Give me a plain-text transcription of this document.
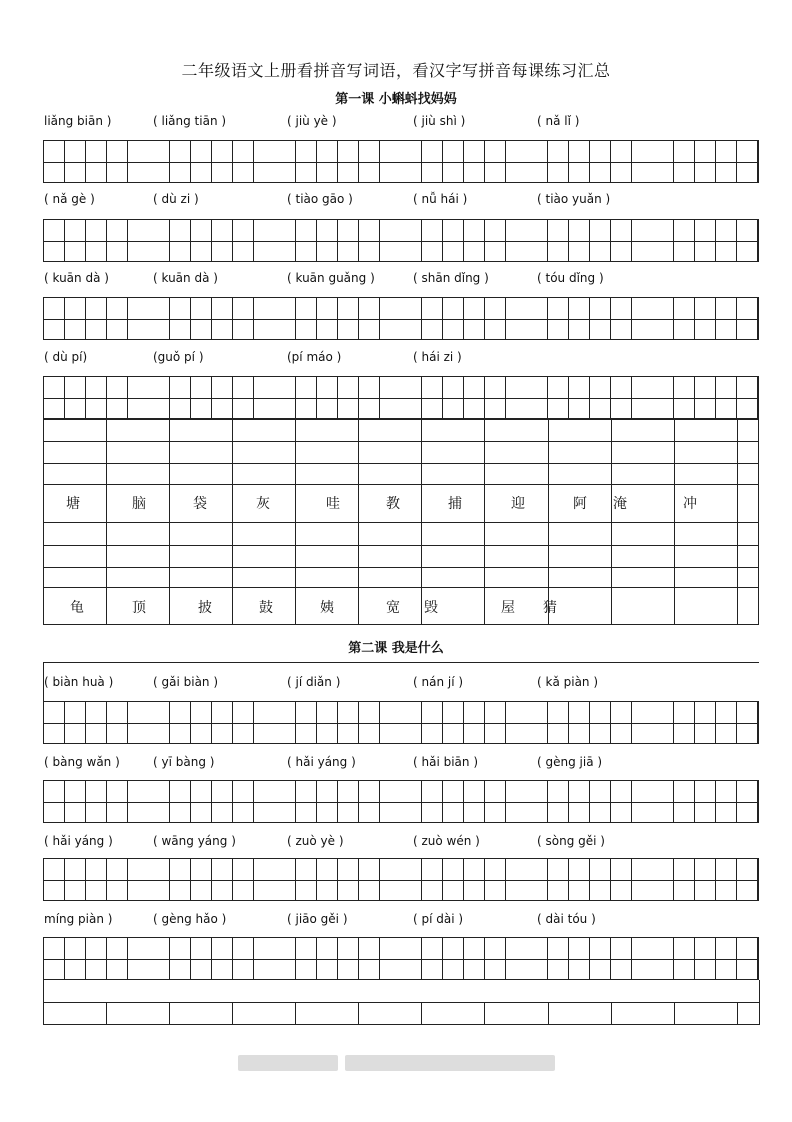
二年级语文上册看拼音写词语，看汉字写拼音每课练习汇总
第一课 小蝌蚪找妈妈
liǎng biān )	( liǎng tiān )	( jiù yè )	( jiù shì )	( nǎ lǐ )
( nǎ gè )	( dù zi )	( tiào gāo )	( nǚ hái )	( tiào yuǎn )
( kuān dà )	( kuān dà )	( kuān guǎng )	( shān dǐng )	( tóu dǐng )
( dù pí)	(guǒ pí )	(pí máo )	( hái zi )
塘	脑	袋	灰	哇	教	捕	迎	阿	淹	冲
龟	顶	披	鼓	姨	宽	毁	屋	猜
第二课 我是什么
( biàn huà )	( gǎi biàn )	( jí diǎn )	( nán jí )	( kǎ piàn )
( bàng wǎn )	( yī bàng )	( hǎi yáng )	( hǎi biān )	( gèng jiā )
( hǎi yáng )	( wāng yáng )	( zuò yè )	( zuò wén )	( sòng gěi )
míng piàn )	( gèng hǎo )	( jiāo gěi )	( pí dài )	( dài tóu )
